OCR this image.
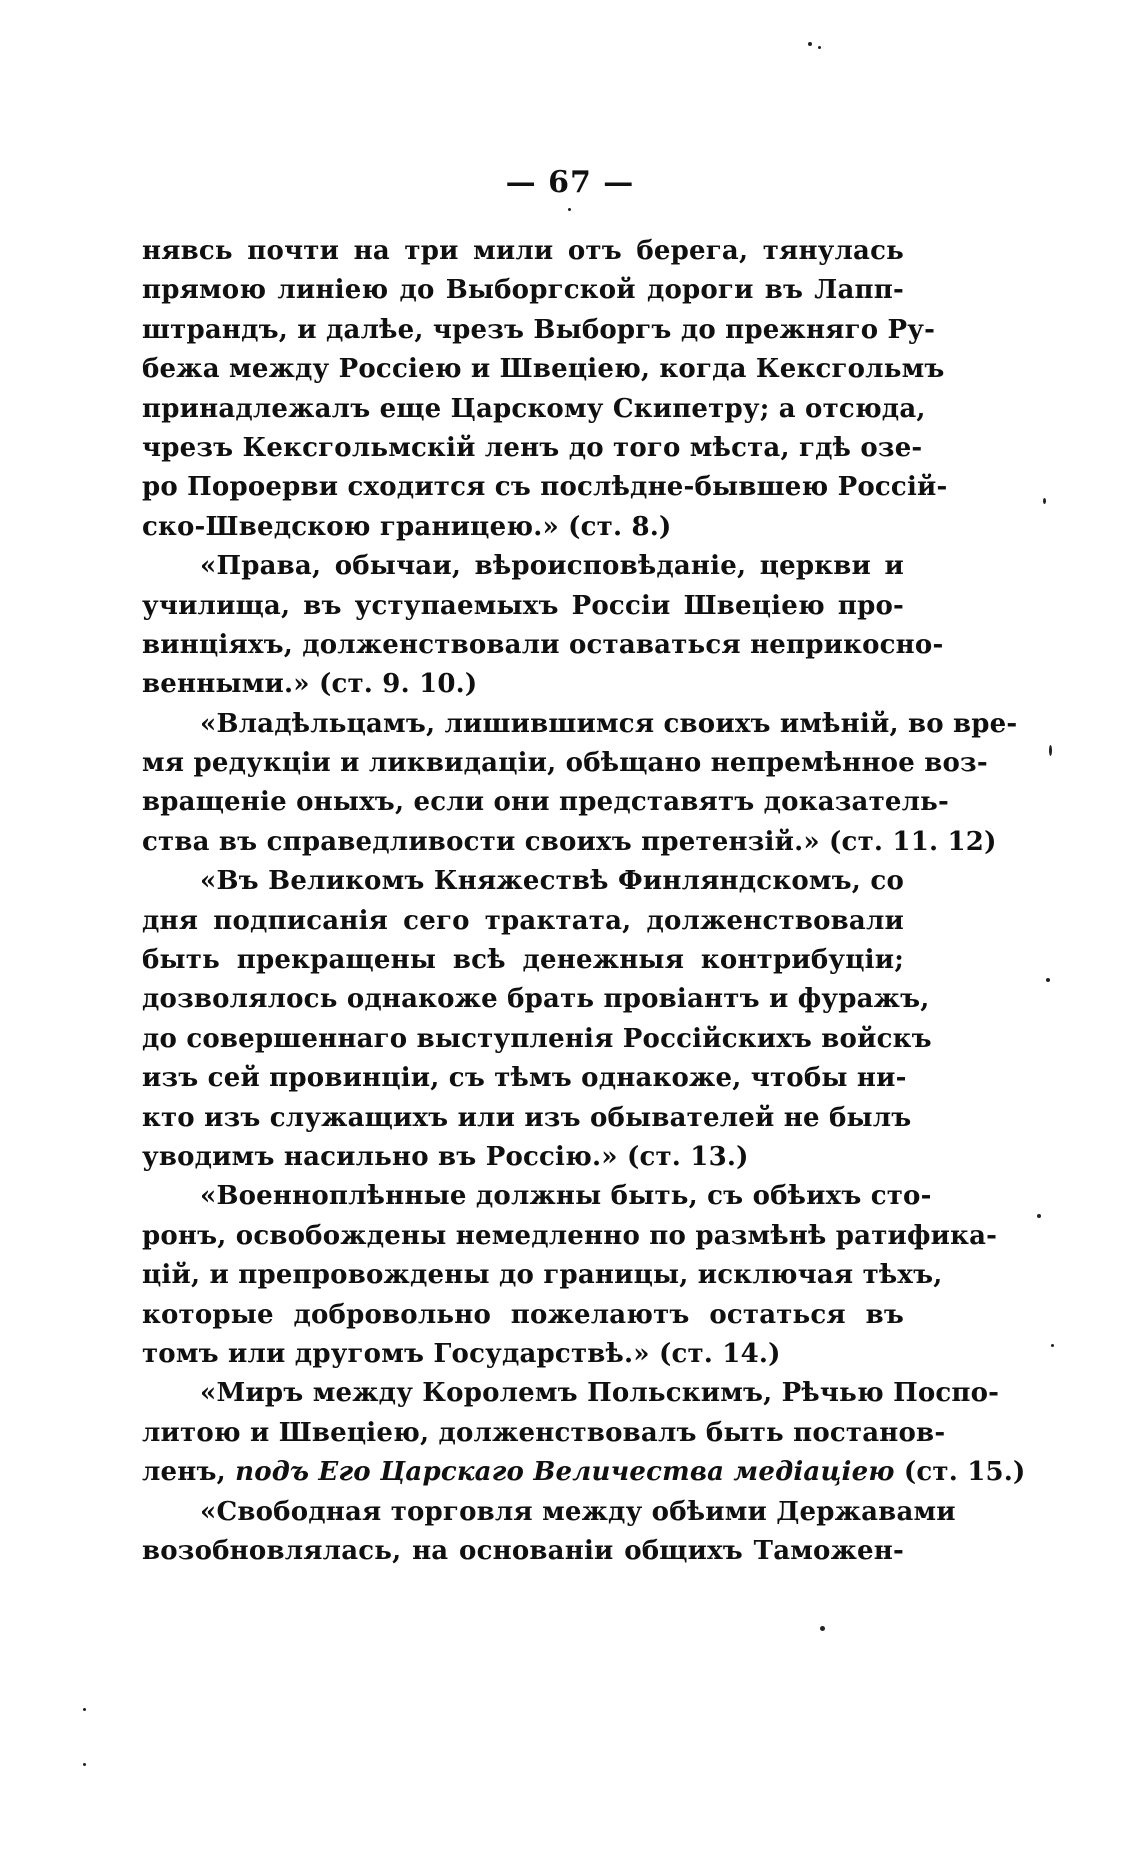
— 67 —
нявсь почти на три мили отъ берега, тянулась
прямою линіею до Выборгской дороги въ Лапп-
штрандъ, и далѣе, чрезъ Выборгъ до прежняго Ру-
бежа между Россіею и Швеціею, когда Кексгольмъ
принадлежалъ еще Царскому Скипетру; а отсюда,
чрезъ Кексгольмскій ленъ до того мѣста, гдѣ озе-
ро Пороерви сходится съ послѣдне-бывшею Россій-
ско-Шведскою границею.» (ст. 8.)
«Права, обычаи, вѣроисповѣданіе, церкви и
училища, въ уступаемыхъ Россіи Швеціею про-
винціяхъ, долженствовали оставаться неприкосно-
венными.» (ст. 9. 10.)
«Владѣльцамъ, лишившимся своихъ имѣній, во вре-
мя редукціи и ликвидаціи, обѣщано непремѣнное воз-
вращеніе оныхъ, если они представятъ доказатель-
ства въ справедливости своихъ претензій.» (ст. 11. 12)
«Въ Великомъ Княжествѣ Финляндскомъ, со
дня подписанія сего трактата, долженствовали
быть прекращены всѣ денежныя контрибуціи;
дозволялось однакоже брать провіантъ и фуражъ,
до совершеннаго выступленія Россійскихъ войскъ
изъ сей провинціи, съ тѣмъ однакоже, чтобы ни-
кто изъ служащихъ или изъ обывателей не былъ
уводимъ насильно въ Россію.» (ст. 13.)
«Военноплѣнные должны быть, съ обѣихъ сто-
ронъ, освобождены немедленно по размѣнѣ ратифика-
цій, и препровождены до границы, исключая тѣхъ,
которые добровольно пожелаютъ остаться въ
томъ или другомъ Государствѣ.» (ст. 14.)
«Миръ между Королемъ Польскимъ, Рѣчью Поспо-
литою и Швеціею, долженствовалъ быть постанов-
ленъ, подъ Его Царскаго Величества медіаціею (ст. 15.)
«Свободная торговля между обѣими Державами
возобновлялась, на основаніи общихъ Таможен-
